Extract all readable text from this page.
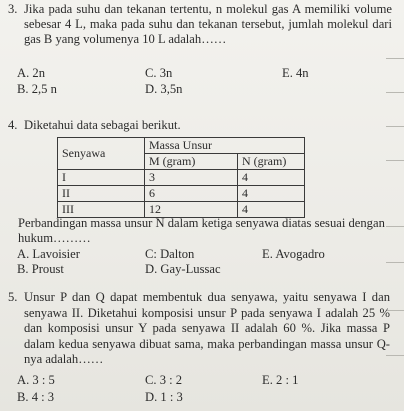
3. Jika pada suhu dan tekanan tertentu, n molekul gas A memiliki volume sebesar 4 L, maka pada suhu dan tekanan tersebut, jumlah molekul dari gas B yang volumenya 10 L adalah……
A. 2n
B. 2,5 n
C. 3n
D. 3,5n
E. 4n
4. Diketahui data sebagai berikut.
Senyawa	Massa Unsur	
	M (gram)	N (gram)
I	3	4
II	6	4
III	12	4
Perbandingan massa unsur N dalam ketiga senyawa diatas sesuai dengan hukum………
A. Lavoisier
B. Proust
C: Dalton
D. Gay-Lussac
E. Avogadro
5. Unsur P dan Q dapat membentuk dua senyawa, yaitu senyawa I dan senyawa II. Diketahui komposisi unsur P pada senyawa I adalah 25 % dan komposisi unsur Y pada senyawa II adalah 60 %. Jika massa P dalam kedua senyawa dibuat sama, maka perbandingan massa unsur Q-nya adalah……
A. 3 : 5
B. 4 : 3
C. 3 : 2
D. 1 : 3
E. 2 : 1
